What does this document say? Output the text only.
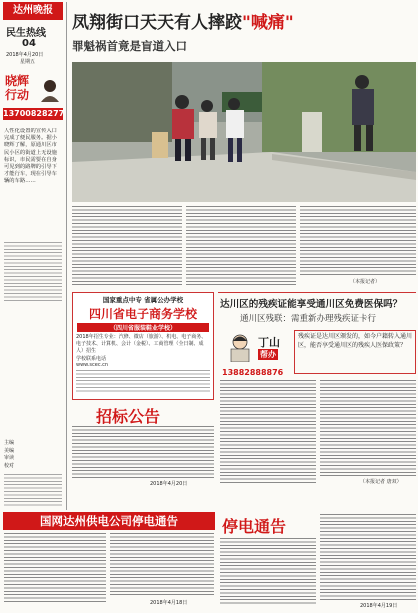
达州晚报
民生热线
04
2018年4月20日
星期五
晓辉行动
13700828277
人性化设置的宣传入口完成了便民服务。据小晓辉了解，原通川区市民小区的街道上无设施标识，市民需要在自身可见到的路牌的引导下才能行车，现在引导车辆的车路……
主编
美编
审读
校对
凤翔街口天天有人摔跤"喊痛"
罪魁祸首竟是盲道入口
（本报记者）
国家重点中专 省属公办学校
四川省电子商务学校
（四川省服装鞋业学校）
2018年招生专业：汽修、微店（旅游）、机电、电子商务、电子技术、计算机、会计（金税）、工商管理（全日制、成人）招生
学校联系电话
www.scec.cn
招标公告
2018年4月20日
达川区的残疾证能享受通川区免费医保吗？
通川区残联：需重新办理残疾证卡行
丁山
帮办
13882888876
残疾证是达川区颁发的，如今户籍转入通川区，能否享受通川区的残疾人医保政策？
（本报记者 唐双）
国网达州供电公司停电通告
2018年4月18日
停电通告
2018年4月19日
